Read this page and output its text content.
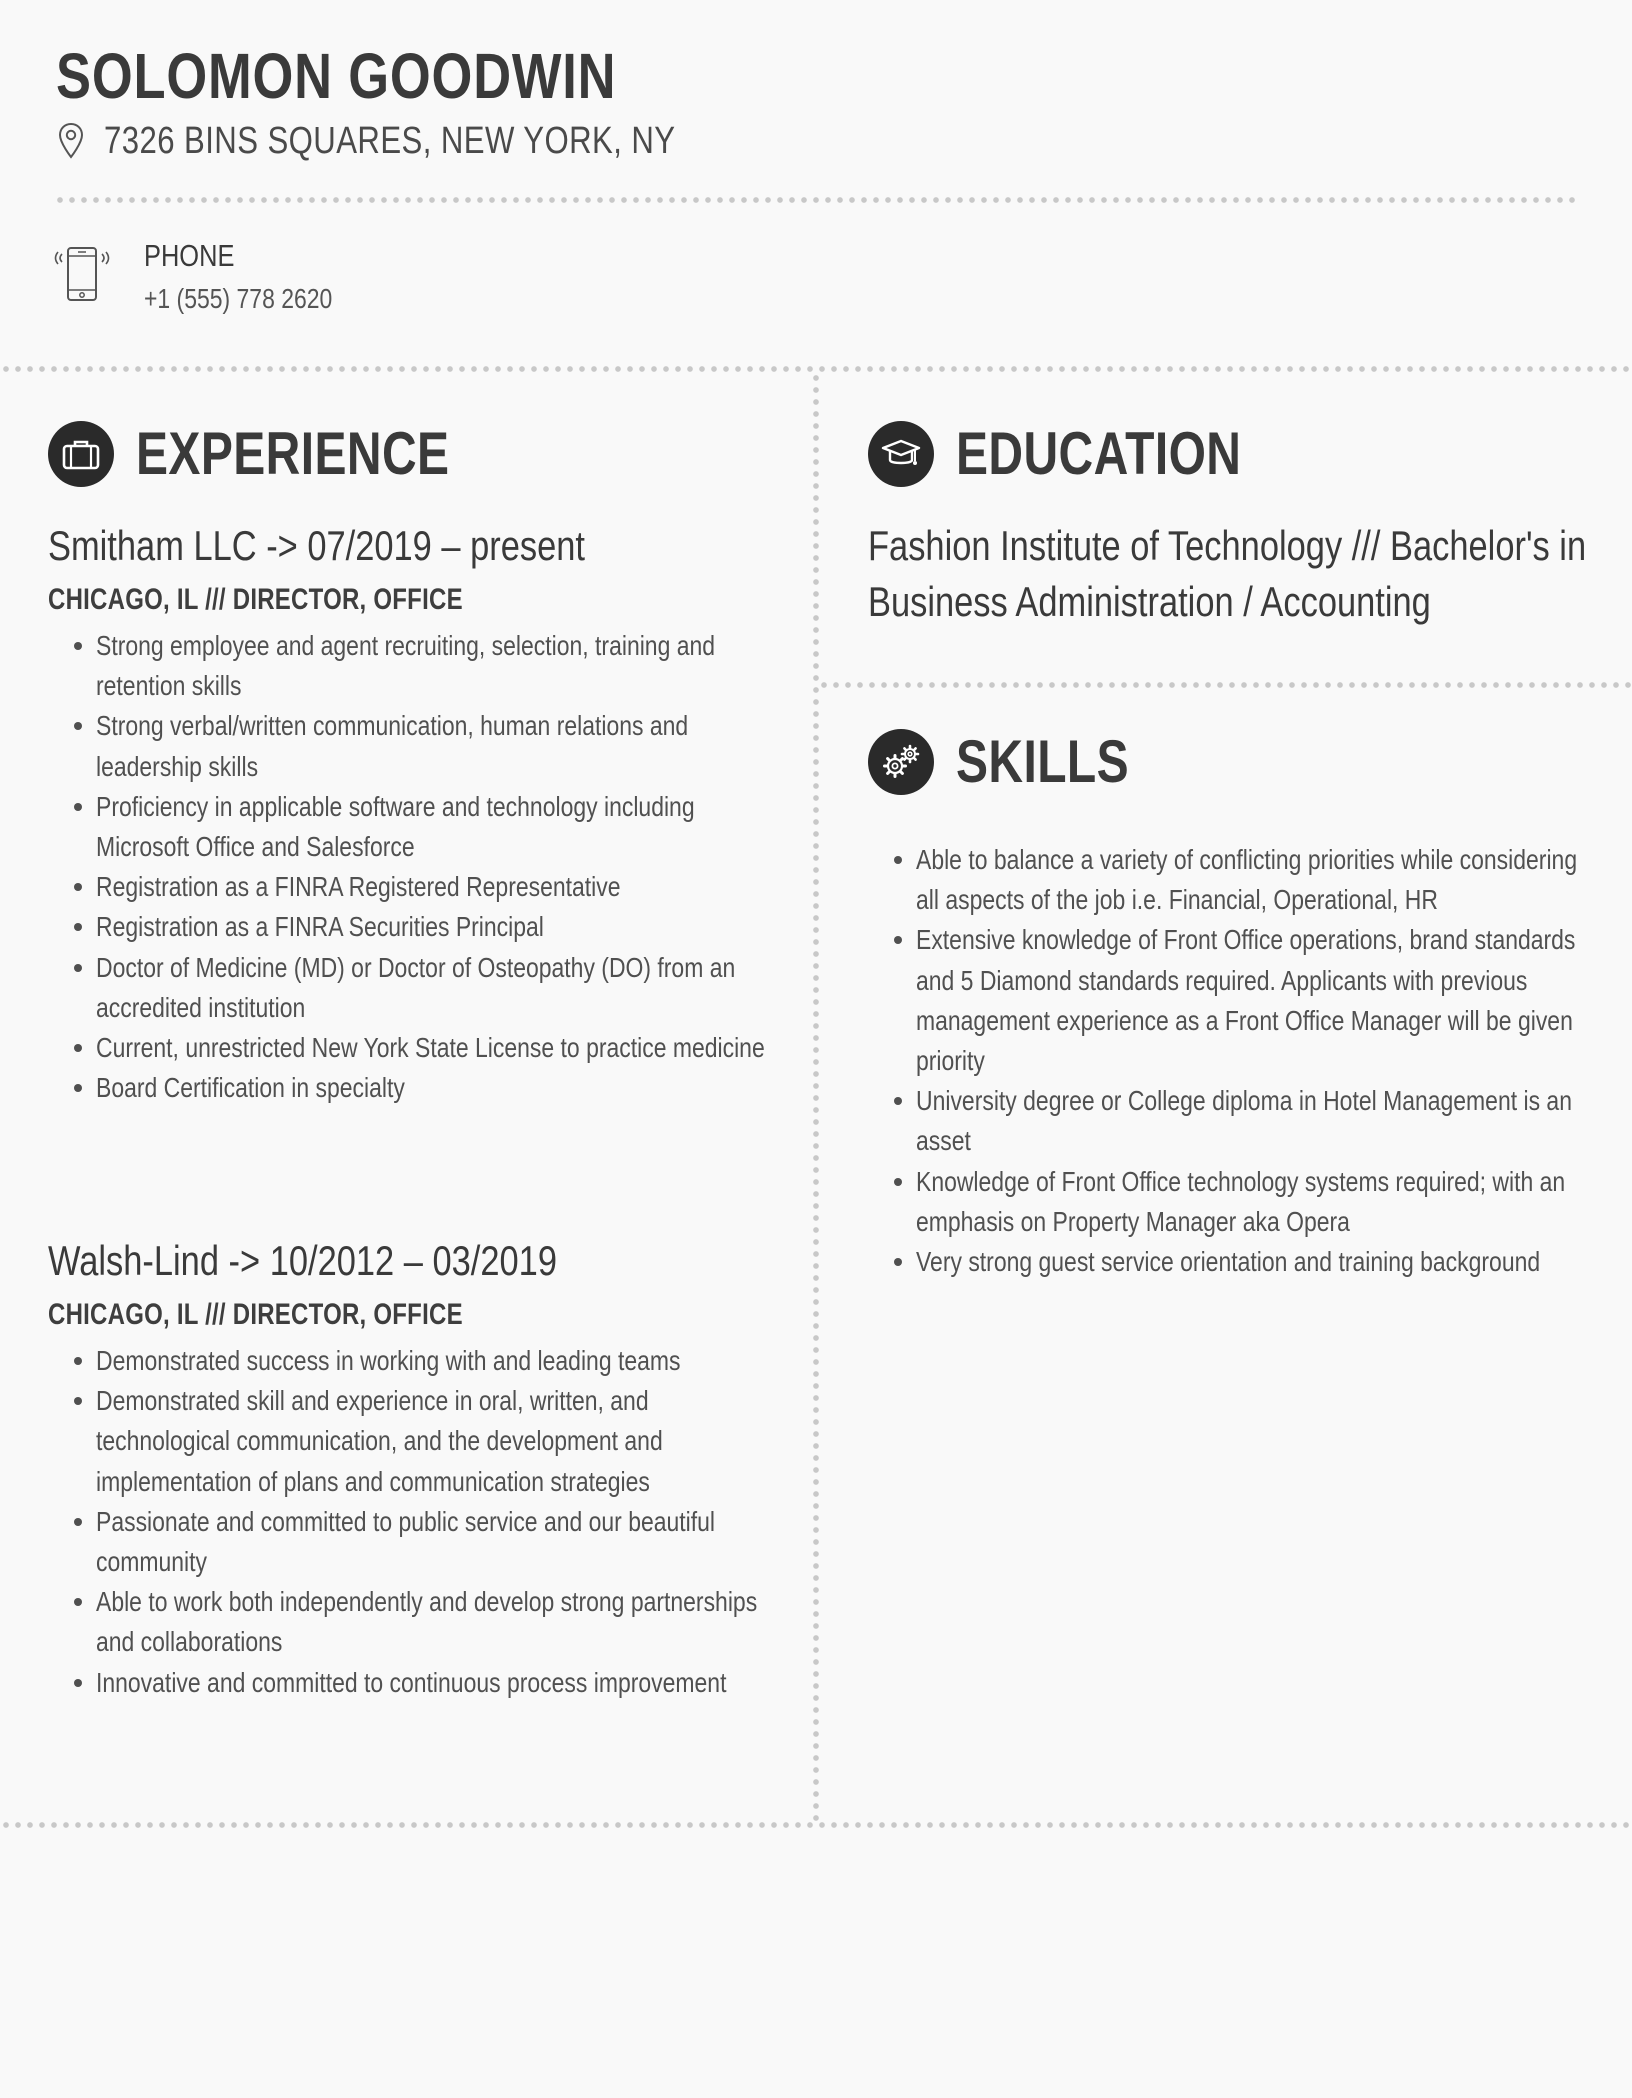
SOLOMON GOODWIN
7326 BINS SQUARES, NEW YORK, NY
PHONE
+1 (555) 778 2620
EXPERIENCE
Smitham LLC -> 07/2019 – present
CHICAGO, IL /// DIRECTOR, OFFICE
Strong employee and agent recruiting, selection, training and retention skills
Strong verbal/written communication, human relations and leadership skills
Proficiency in applicable software and technology including Microsoft Office and Salesforce
Registration as a FINRA Registered Representative
Registration as a FINRA Securities Principal
Doctor of Medicine (MD) or Doctor of Osteopathy (DO) from an accredited institution
Current, unrestricted New York State License to practice medicine
Board Certification in specialty
Walsh-Lind -> 10/2012 – 03/2019
CHICAGO, IL /// DIRECTOR, OFFICE
Demonstrated success in working with and leading teams
Demonstrated skill and experience in oral, written, and technological communication, and the development and implementation of plans and communication strategies
Passionate and committed to public service and our beautiful community
Able to work both independently and develop strong partnerships and collaborations
Innovative and committed to continuous process improvement
EDUCATION
Fashion Institute of Technology /// Bachelor's in Business Administration / Accounting
SKILLS
Able to balance a variety of conflicting priorities while considering all aspects of the job i.e. Financial, Operational, HR
Extensive knowledge of Front Office operations, brand standards and 5 Diamond standards required. Applicants with previous management experience as a Front Office Manager will be given priority
University degree or College diploma in Hotel Management is an asset
Knowledge of Front Office technology systems required; with an emphasis on Property Manager aka Opera
Very strong guest service orientation and training background
